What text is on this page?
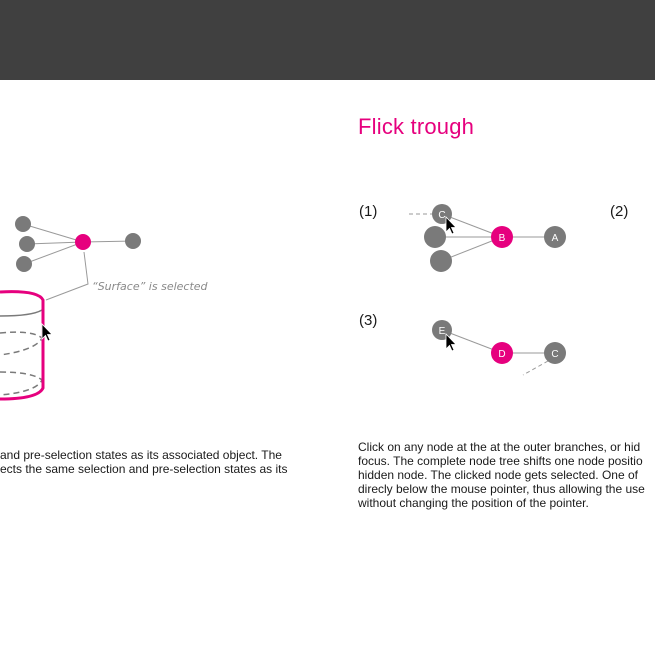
“Surface” is selected
C
B	A
E
D	C
Flick trough
(1)	(2)
(3)
and pre-selection states as its associated object. The
ects the same selection and pre-selection states as its
Click on any node at the at the outer branches, or hid
focus. The complete node tree shifts one node positio
hidden node. The clicked node gets selected. One of
direcly below the mouse pointer, thus allowing the use
without changing the position of the pointer.
